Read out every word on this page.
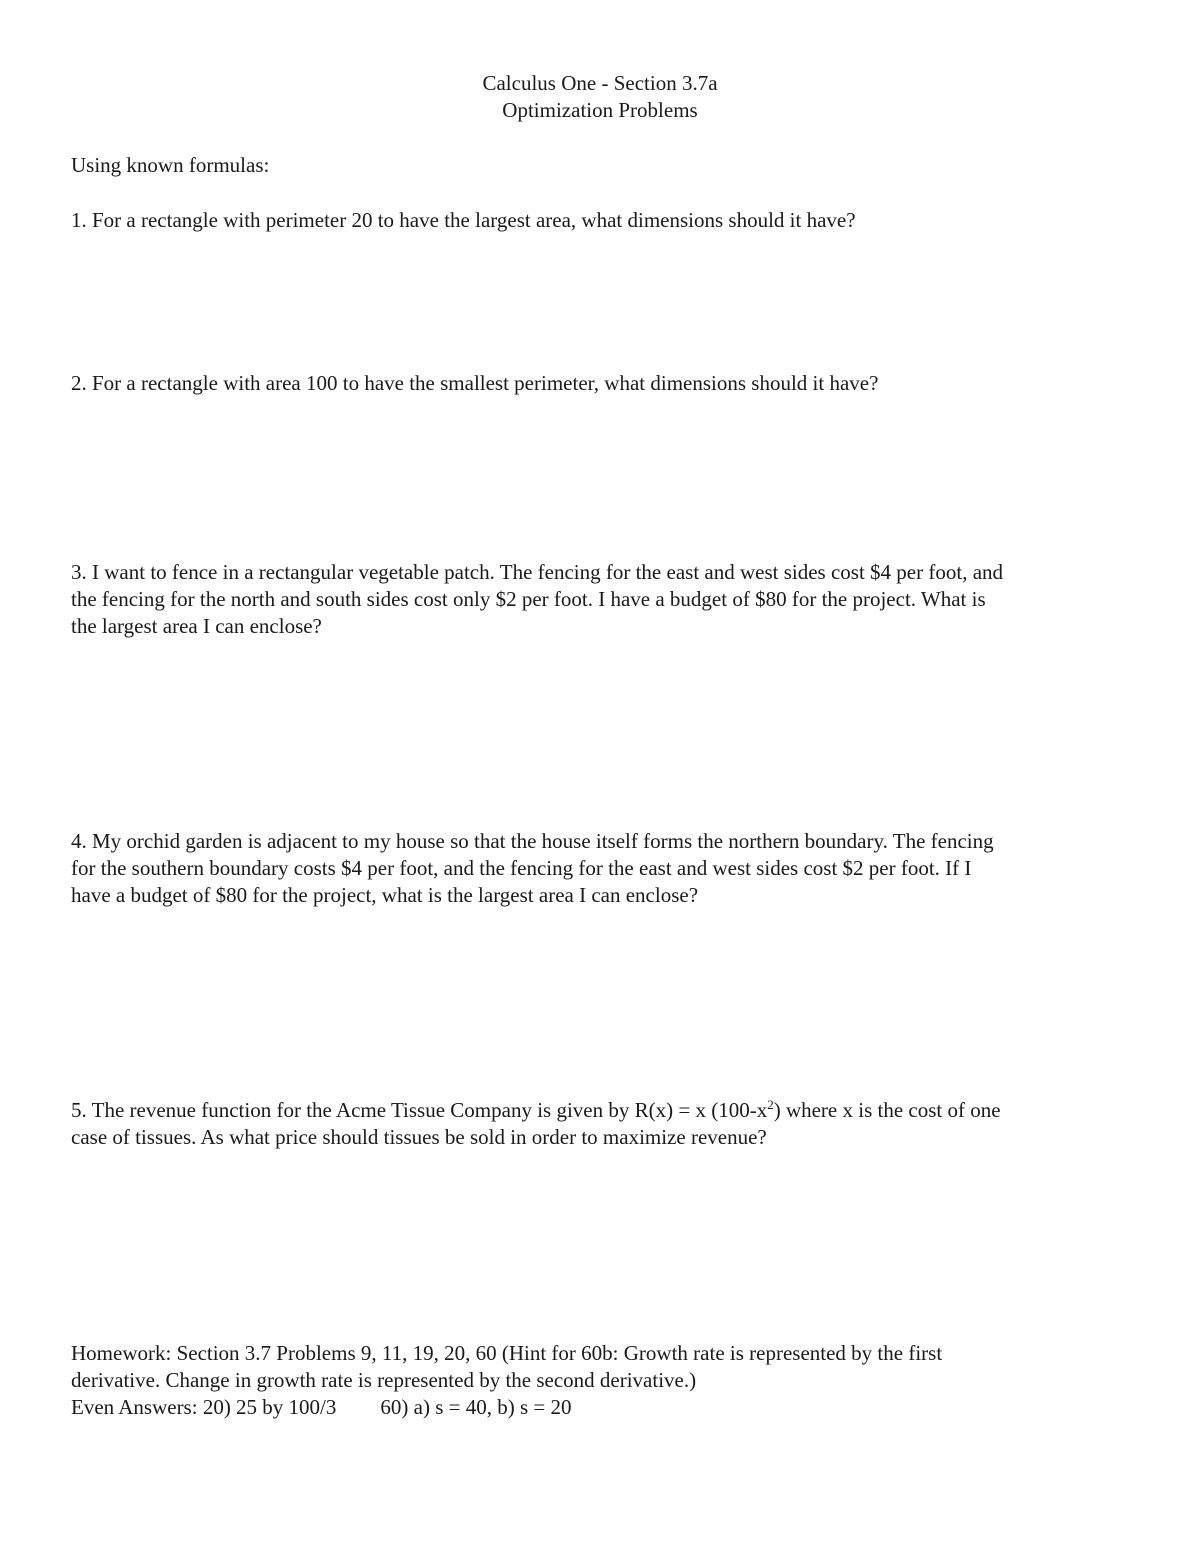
Calculus One - Section 3.7a
Optimization Problems
Using known formulas:
1. For a rectangle with perimeter 20 to have the largest area, what dimensions should it have?
2. For a rectangle with area 100 to have the smallest perimeter, what dimensions should it have?
3. I want to fence in a rectangular vegetable patch. The fencing for the east and west sides cost $4 per foot, and
the fencing for the north and south sides cost only $2 per foot. I have a budget of $80 for the project. What is
the largest area I can enclose?
4. My orchid garden is adjacent to my house so that the house itself forms the northern boundary. The fencing
for the southern boundary costs $4 per foot, and the fencing for the east and west sides cost $2 per foot. If I
have a budget of $80 for the project, what is the largest area I can enclose?
5. The revenue function for the Acme Tissue Company is given by R(x) = x $(100-x^2)$ where x is the cost of one
case of tissues. As what price should tissues be sold in order to maximize revenue?
Homework: Section 3.7 Problems 9, 11, 19, 20, 60 (Hint for 60b: Growth rate is represented by the first
derivative. Change in growth rate is represented by the second derivative.)
Even Answers: 20) 25 by 100/3 60) a) s = 40, b) s = 20
